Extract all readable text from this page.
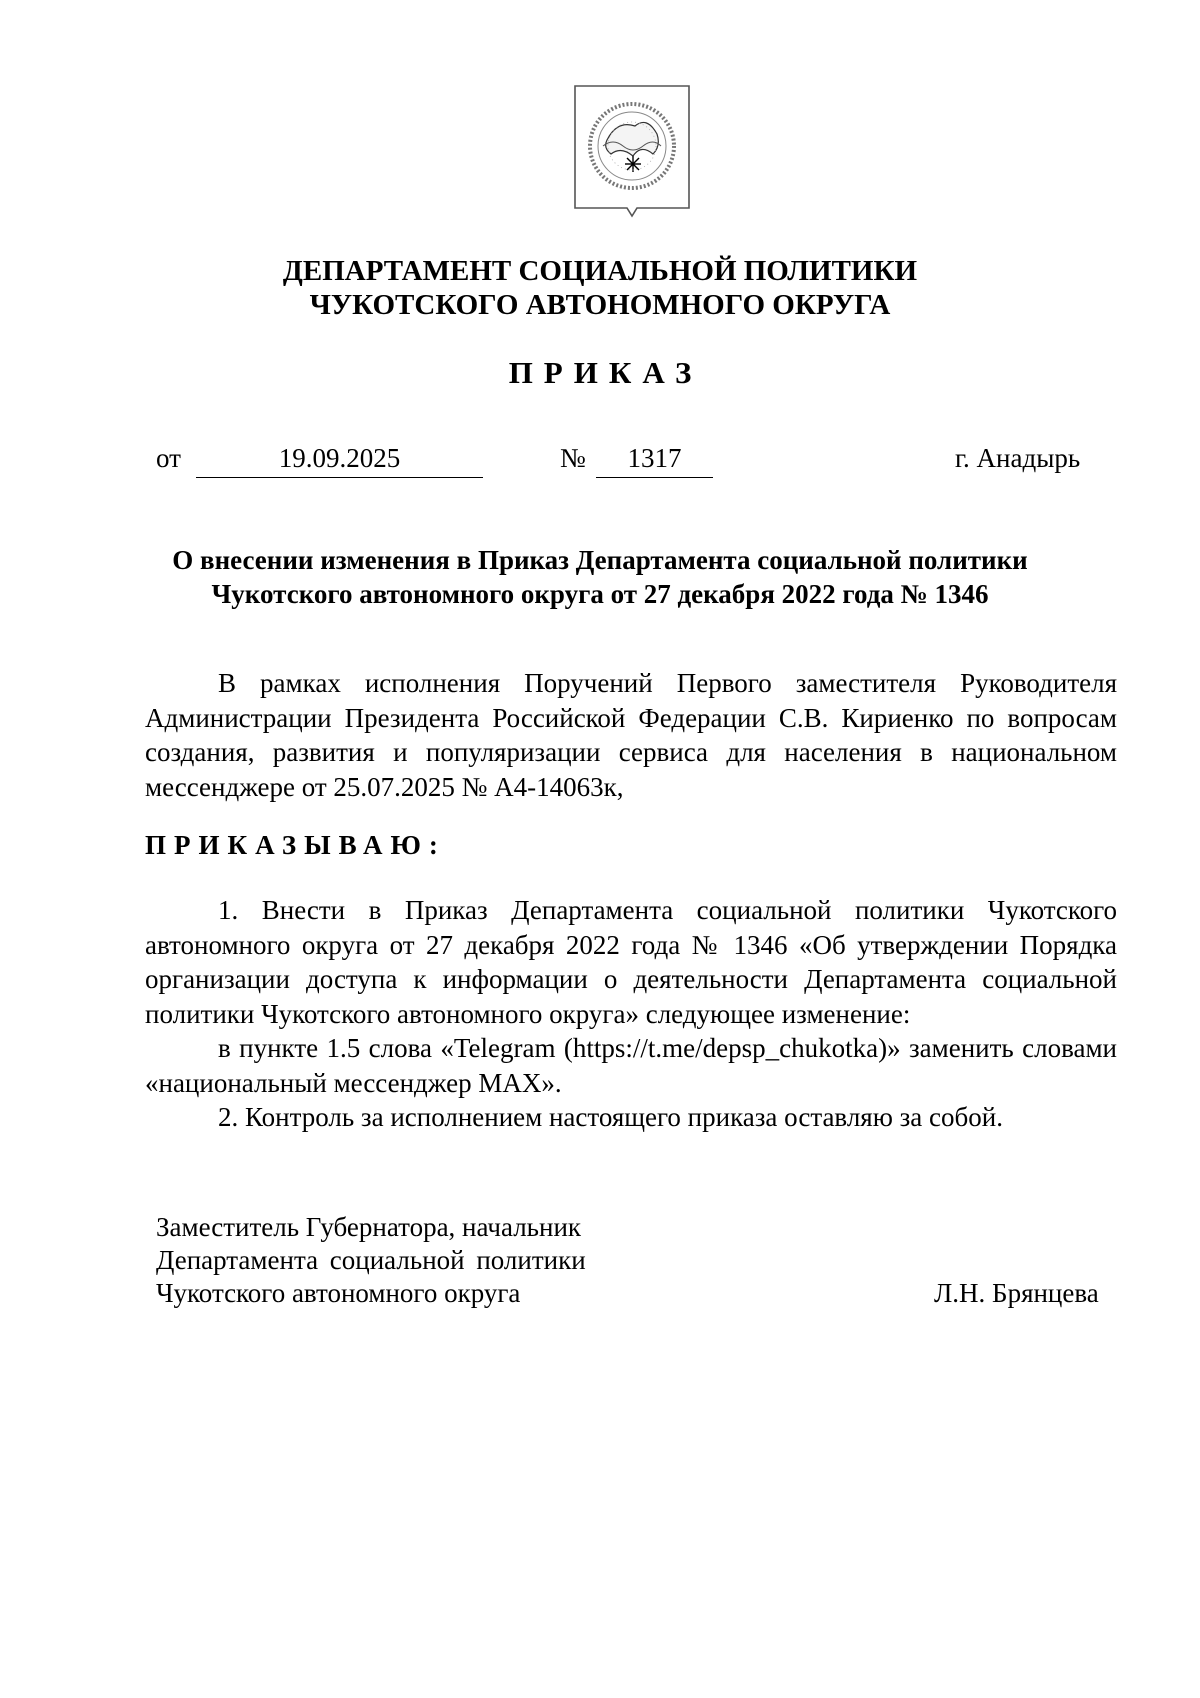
ДЕПАРТАМЕНТ СОЦИАЛЬНОЙ ПОЛИТИКИ

ЧУКОТСКОГО АВТОНОМНОГО ОКРУГА

ПРИКАЗ

от	19.09.2025	№	1317	г. Анадырь

О внесении изменения в Приказ Департамента социальной политики

Чукотского автономного округа от 27 декабря 2022 года № 1346

В рамках исполнения Поручений Первого заместителя Руководителя Администрации Президента Российской Федерации С.В. Кириенко по вопросам создания, развития и популяризации сервиса для населения в национальном мессенджере от 25.07.2025 № А4-14063к,

ПРИКАЗЫВАЮ:

1. Внести в Приказ Департамента социальной политики Чукотского автономного округа от 27 декабря 2022 года № 1346 «Об утверждении Порядка организации доступа к информации о деятельности Департамента социальной политики Чукотского автономного округа» следующее изменение:

в пункте 1.5 слова «Telegram (https://t.me/depsp_chukotka)» заменить словами «национальный мессенджер MAX».

2. Контроль за исполнением настоящего приказа оставляю за собой.

Заместитель Губернатора, начальник
Департамента социальной политики
Чукотского автономного округа	Л.Н. Брянцева
